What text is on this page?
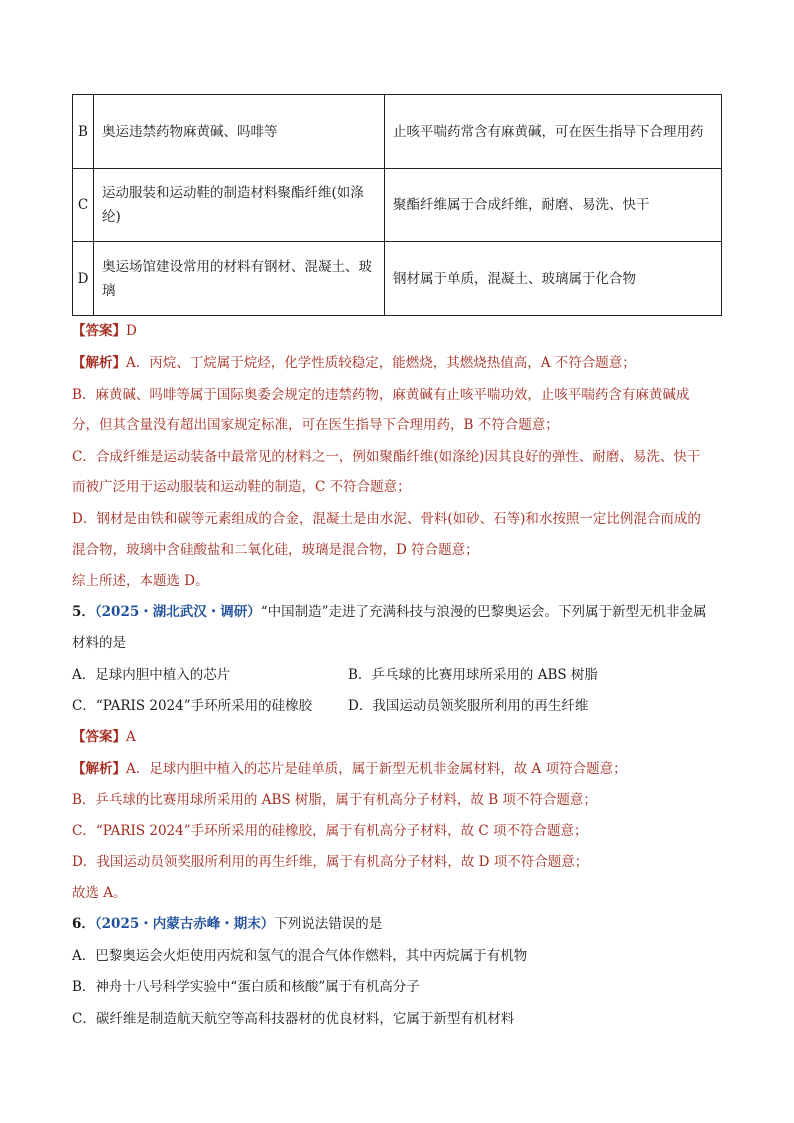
B	奥运违禁药物麻黄碱、吗啡等	止咳平喘药常含有麻黄碱，可在医生指导下合理用药
C	运动服装和运动鞋的制造材料聚酯纤维(如涤纶)	聚酯纤维属于合成纤维，耐磨、易洗、快干
D	奥运场馆建设常用的材料有钢材、混凝土、玻璃	钢材属于单质，混凝土、玻璃属于化合物
【答案】D
【解析】A．丙烷、丁烷属于烷烃，化学性质较稳定，能燃烧，其燃烧热值高，A 不符合题意；
B．麻黄碱、吗啡等属于国际奥委会规定的违禁药物，麻黄碱有止咳平喘功效，止咳平喘药含有麻黄碱成
分，但其含量没有超出国家规定标准，可在医生指导下合理用药，B 不符合题意；
C．合成纤维是运动装备中最常见的材料之一，例如聚酯纤维(如涤纶)因其良好的弹性、耐磨、易洗、快干
而被广泛用于运动服装和运动鞋的制造，C 不符合题意；
D．钢材是由铁和碳等元素组成的合金，混凝土是由水泥、骨料(如砂、石等)和水按照一定比例混合而成的
混合物，玻璃中含硅酸盐和二氧化硅，玻璃是混合物，D 符合题意；
综上所述，本题选 D。
5．（2025・湖北武汉・调研）“中国制造”走进了充满科技与浪漫的巴黎奥运会。下列属于新型无机非金属
材料的是
A．足球内胆中植入的芯片	B．乒乓球的比赛用球所采用的 ABS 树脂
C．“PARIS 2024”手环所采用的硅橡胶	D．我国运动员领奖服所利用的再生纤维
【答案】A
【解析】A．足球内胆中植入的芯片是硅单质，属于新型无机非金属材料，故 A 项符合题意；
B．乒乓球的比赛用球所采用的 ABS 树脂，属于有机高分子材料，故 B 项不符合题意；
C．“PARIS 2024”手环所采用的硅橡胶，属于有机高分子材料，故 C 项不符合题意；
D．我国运动员领奖服所利用的再生纤维，属于有机高分子材料，故 D 项不符合题意；
故选 A。
6．（2025・内蒙古赤峰・期末）下列说法错误的是
A．巴黎奥运会火炬使用丙烷和氢气的混合气体作燃料，其中丙烷属于有机物
B．神舟十八号科学实验中“蛋白质和核酸”属于有机高分子
C．碳纤维是制造航天航空等高科技器材的优良材料，它属于新型有机材料
